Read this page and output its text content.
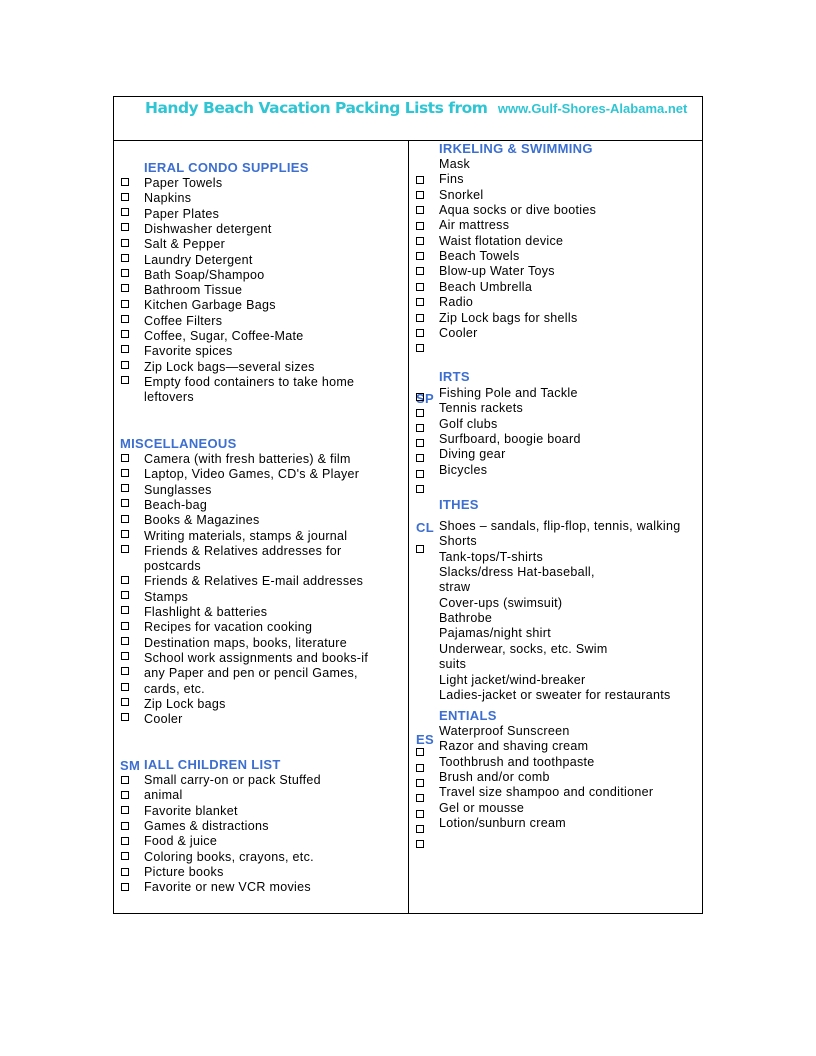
Handy Beach Vacation Packing Lists from www.Gulf-Shores-Alabama.net
IERAL CONDO SUPPLIES
Paper Towels
Napkins
Paper Plates
Dishwasher detergent
Salt & Pepper
Laundry Detergent
Bath Soap/Shampoo
Bathroom Tissue
Kitchen Garbage Bags
Coffee Filters
Coffee, Sugar, Coffee-Mate
Favorite spices
Zip Lock bags—several sizes
Empty food containers to take home
leftovers
MISCELLANEOUS
Camera (with fresh batteries) & film
Laptop, Video Games, CD's & Player
Sunglasses
Beach-bag
Books & Magazines
Writing materials, stamps & journal
Friends & Relatives addresses for
postcards
Friends & Relatives E-mail addresses
Stamps
Flashlight & batteries
Recipes for vacation cooking
Destination maps, books, literature
School work assignments and books-if
any Paper and pen or pencil Games,
cards, etc.
Zip Lock bags
Cooler
SM ΙALL CHILDREN LIST
Small carry-on or pack Stuffed
animal
Favorite blanket
Games & distractions
Food & juice
Coloring books, crayons, etc.
Picture books
Favorite or new VCR movies
IRKELING & SWIMMING
Mask
Fins
Snorkel
Aqua socks or dive booties
Air mattress
Waist flotation device
Beach Towels
Blow-up Water Toys
Beach Umbrella
Radio
Zip Lock bags for shells
Cooler
SP
IRTS
Fishing Pole and Tackle
Tennis rackets
Golf clubs
Surfboard, boogie board
Diving gear
Bicycles
CL
ITHES
Shoes – sandals, flip-flop, tennis, walking
Shorts
Tank-tops/T-shirts
Slacks/dress Hat-baseball,
straw
Cover-ups (swimsuit)
Bathrobe
Pajamas/night shirt
Underwear, socks, etc. Swim
suits
Light jacket/wind-breaker
Ladies-jacket or sweater for restaurants
ES
ENTIALS
Waterproof Sunscreen
Razor and shaving cream
Toothbrush and toothpaste
Brush and/or comb
Travel size shampoo and conditioner
Gel or mousse
Lotion/sunburn cream
